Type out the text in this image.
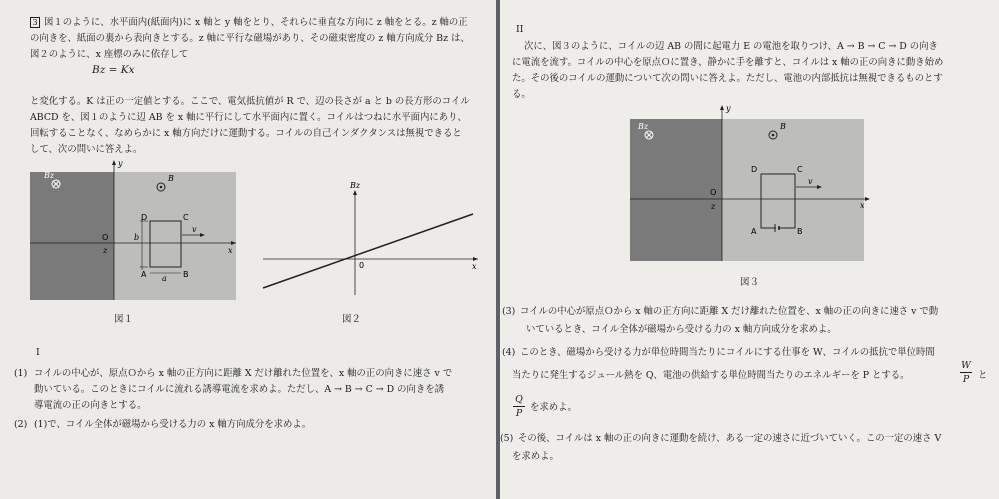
3 図１のように、水平面内(紙面内)に x 軸と y 軸をとり、それらに垂直な方向に z 軸をとる。z 軸の正
の向きを、紙面の裏から表向きとする。z 軸に平行な磁場があり、その磁束密度の z 軸方向成分 Bz は、
図２のように、x 座標のみに依存して
Bz = Kx
と変化する。K は正の一定値とする。ここで、電気抵抗値が R で、辺の長さが a と b の長方形のコイル
ABCD を、図１のように辺 AB を x 軸に平行にして水平面内に置く。コイルはつねに水平面内にあり、
回転することなく、なめらかに x 軸方向だけに運動する。コイルの自己インダクタンスは無視できると
して、次の問いに答えよ。
Bz	B
y
x
O
z
b
a
v
A	B
C
D
図１
Bz
x
0
図２
I
(1) コイルの中心が、原点Ｏから x 軸の正方向に距離 X だけ離れた位置を、x 軸の正の向きに速さ v で
動いている。このときにコイルに流れる誘導電流を求めよ。ただし、A → B → C → D の向きを誘
導電流の正の向きとする。
(2) (1)で、コイル全体が磁場から受ける力の x 軸方向成分を求めよ。
II
次に、図３のように、コイルの辺 AB の間に起電力 E の電池を取りつけ、A → B → C → D の向き
に電流を流す。コイルの中心を原点Ｏに置き、静かに手を離すと、コイルは x 軸の正の向きに動き始め
た。その後のコイルの運動について次の問いに答えよ。ただし、電池の内部抵抗は無視できるものとす
る。
Bz	B
y
x
O
z
v
A	B
C
D
図３
(3) コイルの中心が原点Ｏから x 軸の正方向に距離 X だけ離れた位置を、x 軸の正の向きに速さ v で動
いているとき、コイル全体が磁場から受ける力の x 軸方向成分を求めよ。
(4) このとき、磁場から受ける力が単位時間当たりにコイルにする仕事を W、コイルの抵抗で単位時間
当たりに発生するジュール熱を Q、電池の供給する単位時間当たりのエネルギーを P とする。
W
P と
Q
P
を求めよ。
(5) その後、コイルは x 軸の正の向きに運動を続け、ある一定の速さに近づいていく。この一定の速さ V
を求めよ。
